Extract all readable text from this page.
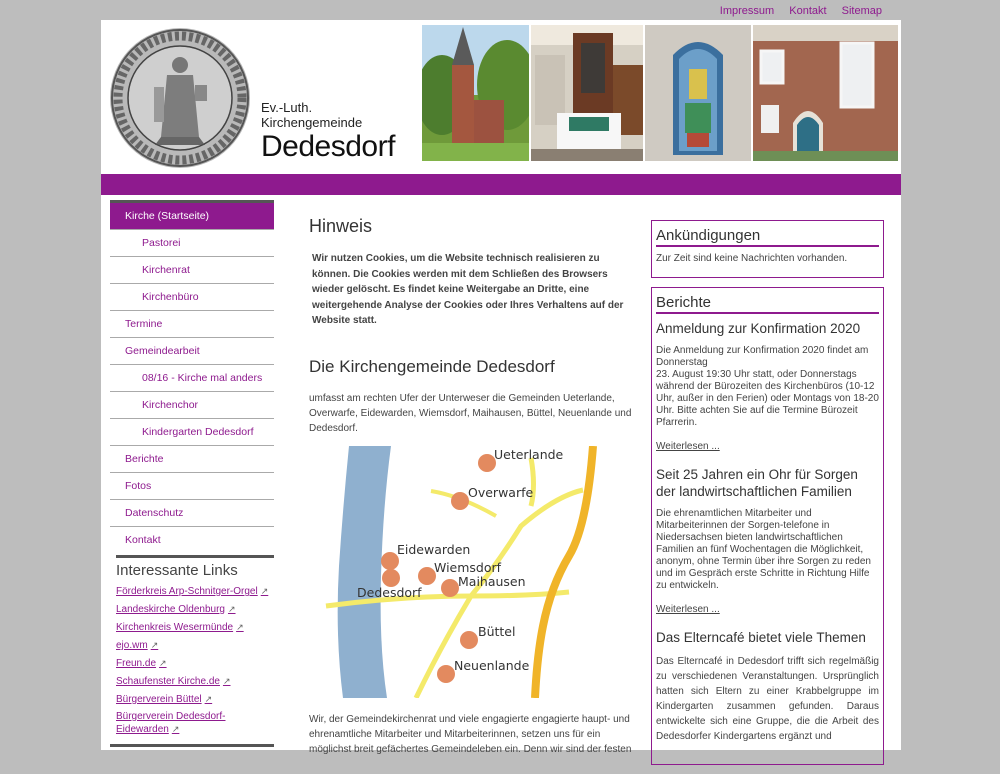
Impressum Kontakt Sitemap
Ev.-Luth.
Kirchengemeinde
Dedesdorf
Kirche (Startseite)
Pastorei
Kirchenrat
Kirchenbüro
Termine
Gemeindearbeit
08/16 - Kirche mal anders
Kirchenchor
Kindergarten Dedesdorf
Berichte
Fotos
Datenschutz
Kontakt
Interessante Links
Förderkreis Arp-Schnitger-Orgel ↗
Landeskirche Oldenburg ↗
Kirchenkreis Wesermünde ↗
ejo.wm ↗
Freun.de ↗
Schaufenster Kirche.de ↗
Bürgerverein Büttel ↗
Bürgerverein Dedesdorf-Eidewarden ↗
Hinweis
Wir nutzen Cookies, um die Website technisch realisieren zu können. Die Cookies werden mit dem Schließen des Browsers wieder gelöscht. Es findet keine Weitergabe an Dritte, eine weitergehende Analyse der Cookies oder Ihres Verhaltens auf der Website statt.
Die Kirchengemeinde Dedesdorf

umfasst am rechten Ufer der Unterweser die Gemeinden Ueterlande, Overwarfe, Eidewarden, Wiemsdorf, Maihausen, Büttel, Neuenlande und Dedesdorf.

Ueterlande
Overwarfe
Eidewarden
Wiemsdorf
Maihausen
Dedesdorf
Büttel
Neuenlande

Wir, der Gemeindekirchenrat und viele engagierte engagierte haupt- und ehrenamtliche Mitarbeiter und Mitarbeiterinnen, setzen uns für ein möglichst breit gefächertes Gemeindeleben ein. Denn wir sind der festen

Ankündigungen

Zur Zeit sind keine Nachrichten vorhanden.

Berichte
Anmeldung zur Konfirmation 2020

Die Anmeldung zur Konfirmation 2020 findet am Donnerstag
23. August 19:30 Uhr statt, oder Donnerstags während der Bürozeiten des Kirchenbüros (10-12 Uhr, außer in den Ferien) oder Montags von 18-20 Uhr. Bitte achten Sie auf die Termine Bürozeit Pfarrerin.

Weiterlesen ...
Seit 25 Jahren ein Ohr für Sorgen der landwirtschaftlichen Familien

Die ehrenamtlichen Mitarbeiter und Mitarbeiterinnen der Sorgen-telefone in Niedersachsen bieten landwirtschaftlichen Familien an fünf Wochentagen die Möglichkeit, anonym, ohne Termin über ihre Sorgen zu reden und im Gespräch erste Schritte in Richtung Hilfe zu entwickeln.

Weiterlesen ...
Das Elterncafé bietet viele Themen

Das Elterncafé in Dedesdorf trifft sich regelmäßig zu verschiedenen Veranstaltungen. Ursprünglich hatten sich Eltern zu einer Krabbelgruppe im Kindergarten zusammen gefunden. Daraus entwickelte sich eine Gruppe, die die Arbeit des Dedesdorfer Kindergartens ergänzt und
